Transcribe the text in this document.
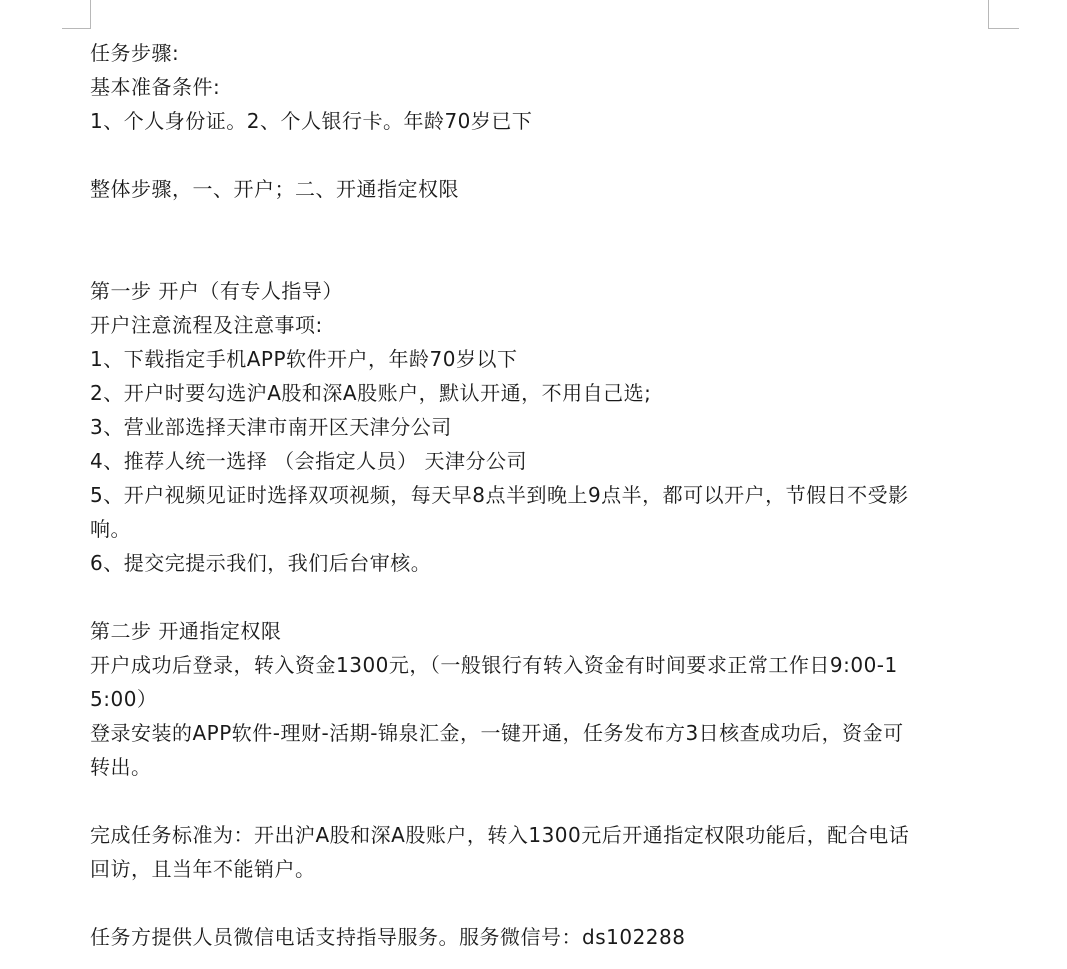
任务步骤:

基本准备条件:

1、个人身份证。2、个人银行卡。年龄70岁已下

整体步骤，一、开户；二、开通指定权限

第一步 开户（有专人指导）

开户注意流程及注意事项:

1、下载指定手机APP软件开户，年龄70岁以下

2、开户时要勾选沪A股和深A股账户，默认开通，不用自己选;

3、营业部选择天津市南开区天津分公司

4、推荐人统一选择 （会指定人员） 天津分公司

5、开户视频见证时选择双项视频，每天早8点半到晚上9点半，都可以开户，节假日不受影

响。

6、提交完提示我们，我们后台审核。

第二步 开通指定权限

开户成功后登录，转入资金1300元，（一般银行有转入资金有时间要求正常工作日9:00-1

5:00）

登录安装的APP软件-理财-活期-锦泉汇金，一键开通，任务发布方3日核查成功后，资金可

转出。

完成任务标准为：开出沪A股和深A股账户，转入1300元后开通指定权限功能后，配合电话

回访，且当年不能销户。

任务方提供人员微信电话支持指导服务。服务微信号：ds102288
